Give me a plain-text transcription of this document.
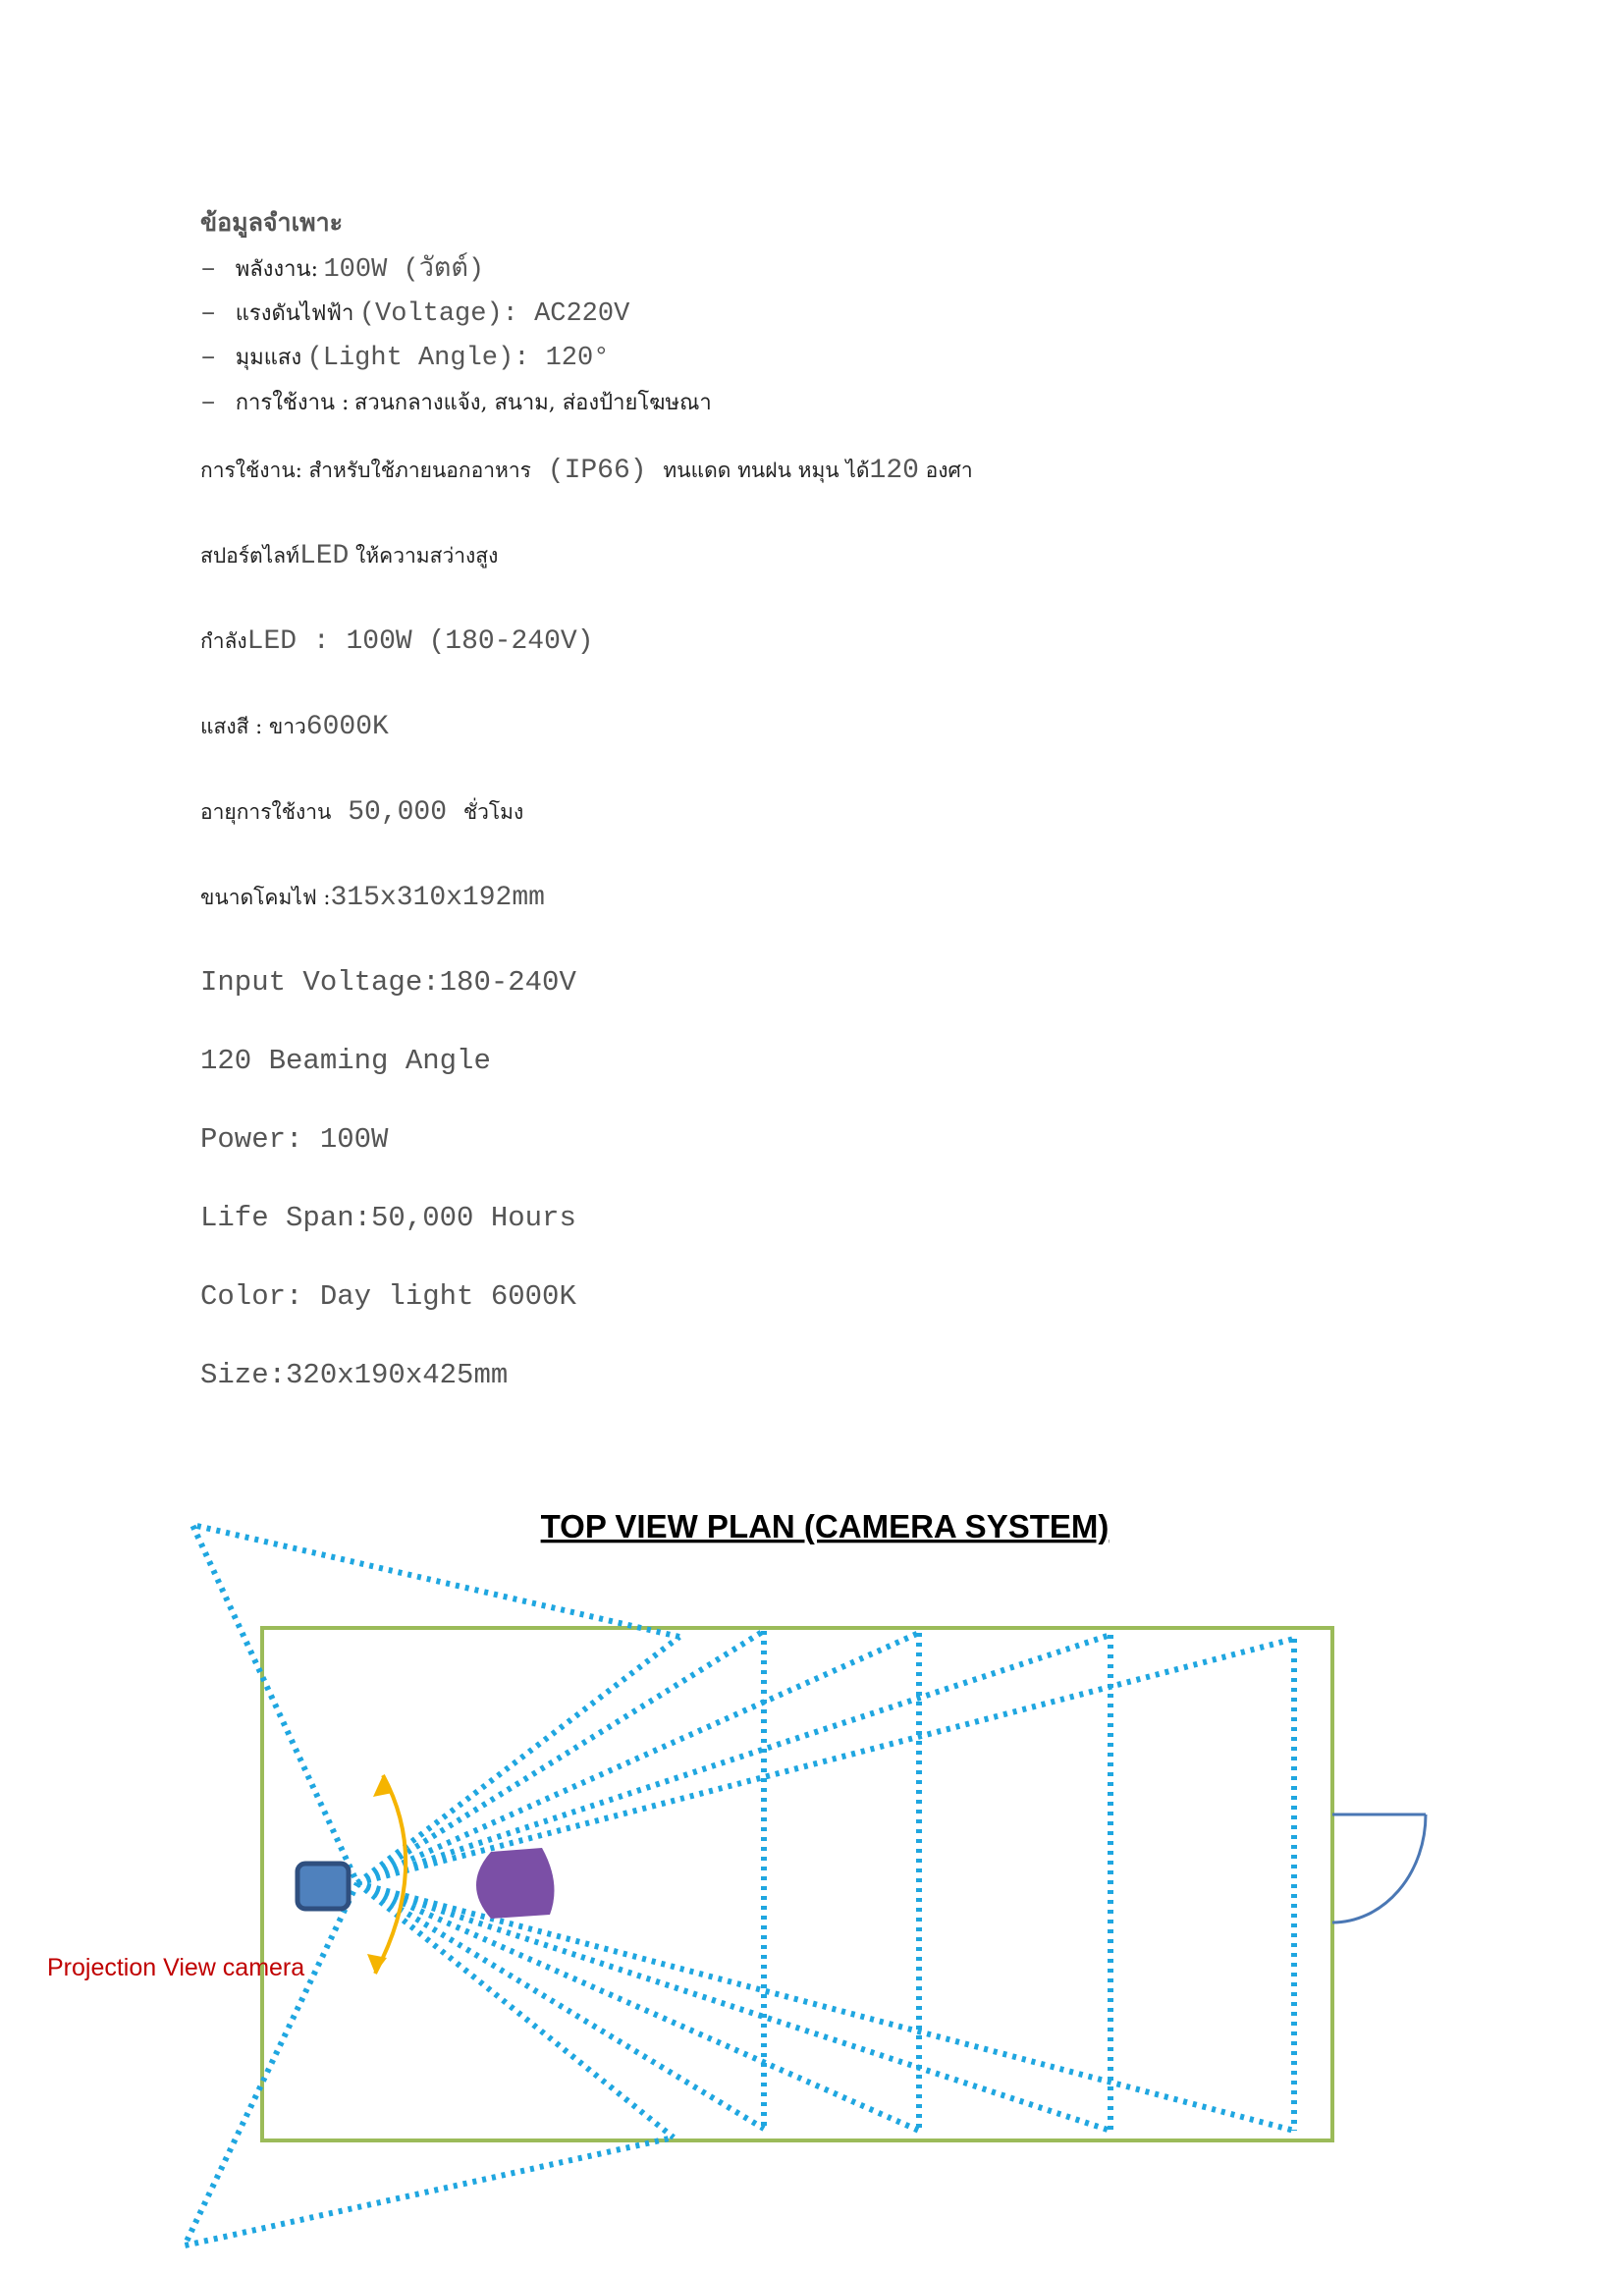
ข้อมูลจำเพาะ
– พลังงาน: 100W (วัตต์)
– แรงดันไฟฟ้า (Voltage): AC220V
– มุมแสง (Light Angle): 120°
– การใช้งาน : สวนกลางแจ้ง, สนาม, ส่องป้ายโฆษณา
การใช้งาน: สำหรับใช้ภายนอกอาหาร (IP66) ทนแดด ทนฝน หมุน ได้120 องศา
สปอร์ตไลท์LED ให้ความสว่างสูง
กำลังLED : 100W (180-240V)
แสงสี : ขาว6000K
อายุการใช้งาน 50,000 ชั่วโมง
ขนาดโคมไฟ :315x310x192mm
Input Voltage:180-240V
120 Beaming Angle
Power: 100W
Life Span:50,000 Hours
Color: Day light 6000K
Size:320x190x425mm
TOP VIEW PLAN (CAMERA SYSTEM)
Projection View camera
